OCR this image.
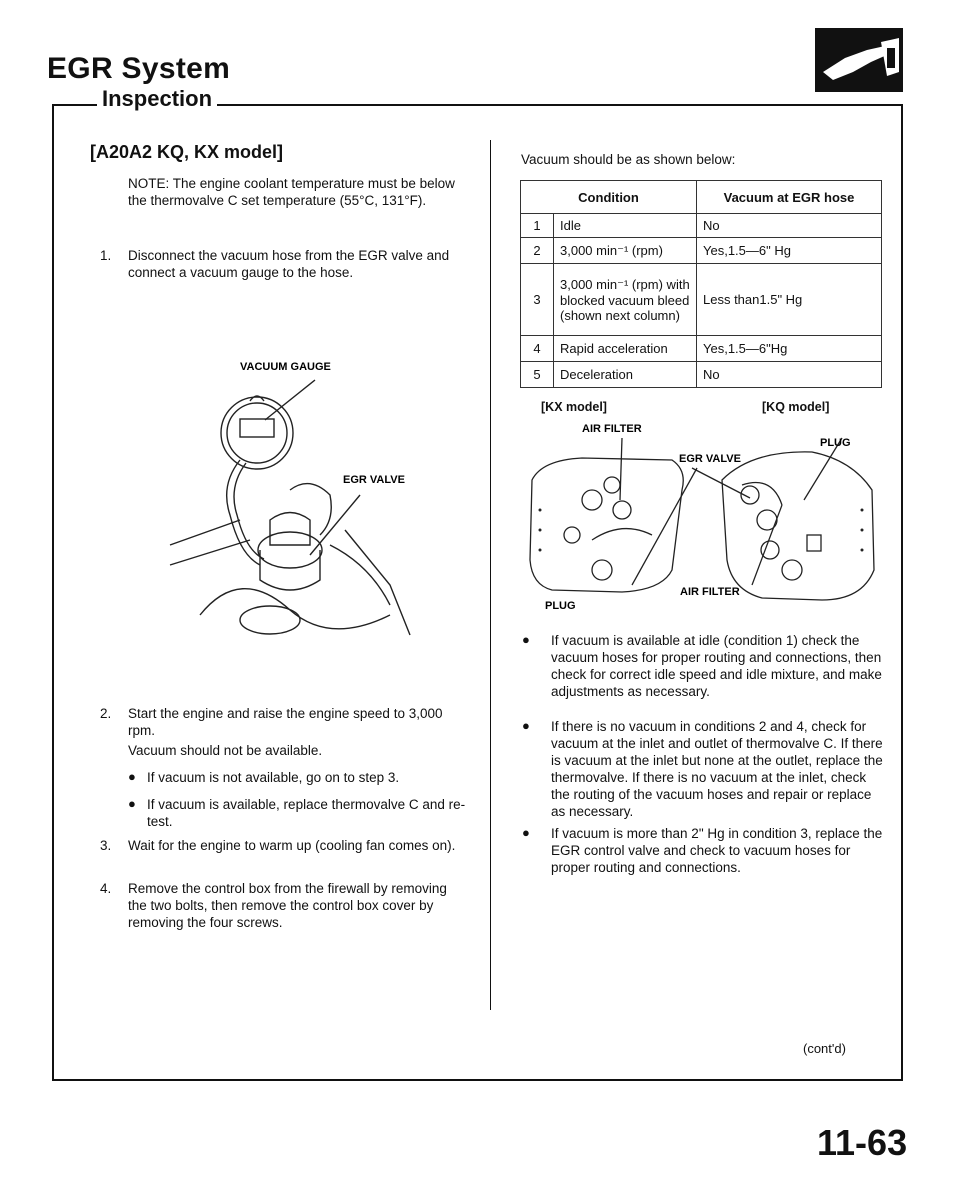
EGR System
Inspection
[A20A2 KQ, KX model]
NOTE: The engine coolant temperature must be below the thermovalve C set temperature (55°C, 131°F).
1. Disconnect the vacuum hose from the EGR valve and connect a vacuum gauge to the hose.
VACUUM GAUGE
EGR VALVE
2. Start the engine and raise the engine speed to 3,000 rpm.
Vacuum should not be available.
● If vacuum is not available, go on to step 3.
● If vacuum is available, replace thermovalve C and re-test.
3. Wait for the engine to warm up (cooling fan comes on).
4. Remove the control box from the firewall by removing the two bolts, then remove the control box cover by removing the four screws.
Vacuum should be as shown below:
Condition		Vacuum at EGR hose
1	Idle	No
2	3,000 min⁻¹ (rpm)	Yes,1.5—6" Hg
3	3,000 min⁻¹ (rpm) with blocked vacuum bleed (shown next column)	Less than1.5" Hg
4	Rapid acceleration	Yes,1.5—6"Hg
5	Deceleration	No
[KX model]	[KQ model]
AIR FILTER
EGR VALVE
PLUG
AIR FILTER
PLUG
● If vacuum is available at idle (condition 1) check the vacuum hoses for proper routing and connections, then check for correct idle speed and idle mixture, and make adjustments as necessary.
● If there is no vacuum in conditions 2 and 4, check for vacuum at the inlet and outlet of thermovalve C. If there is vacuum at the inlet but none at the outlet, replace the thermovalve. If there is no vacuum at the inlet, check the routing of the vacuum hoses and repair or replace as necessary.
● If vacuum is more than 2" Hg in condition 3, replace the EGR control valve and check to vacuum hoses for proper routing and connections.
(cont'd)
11-63
